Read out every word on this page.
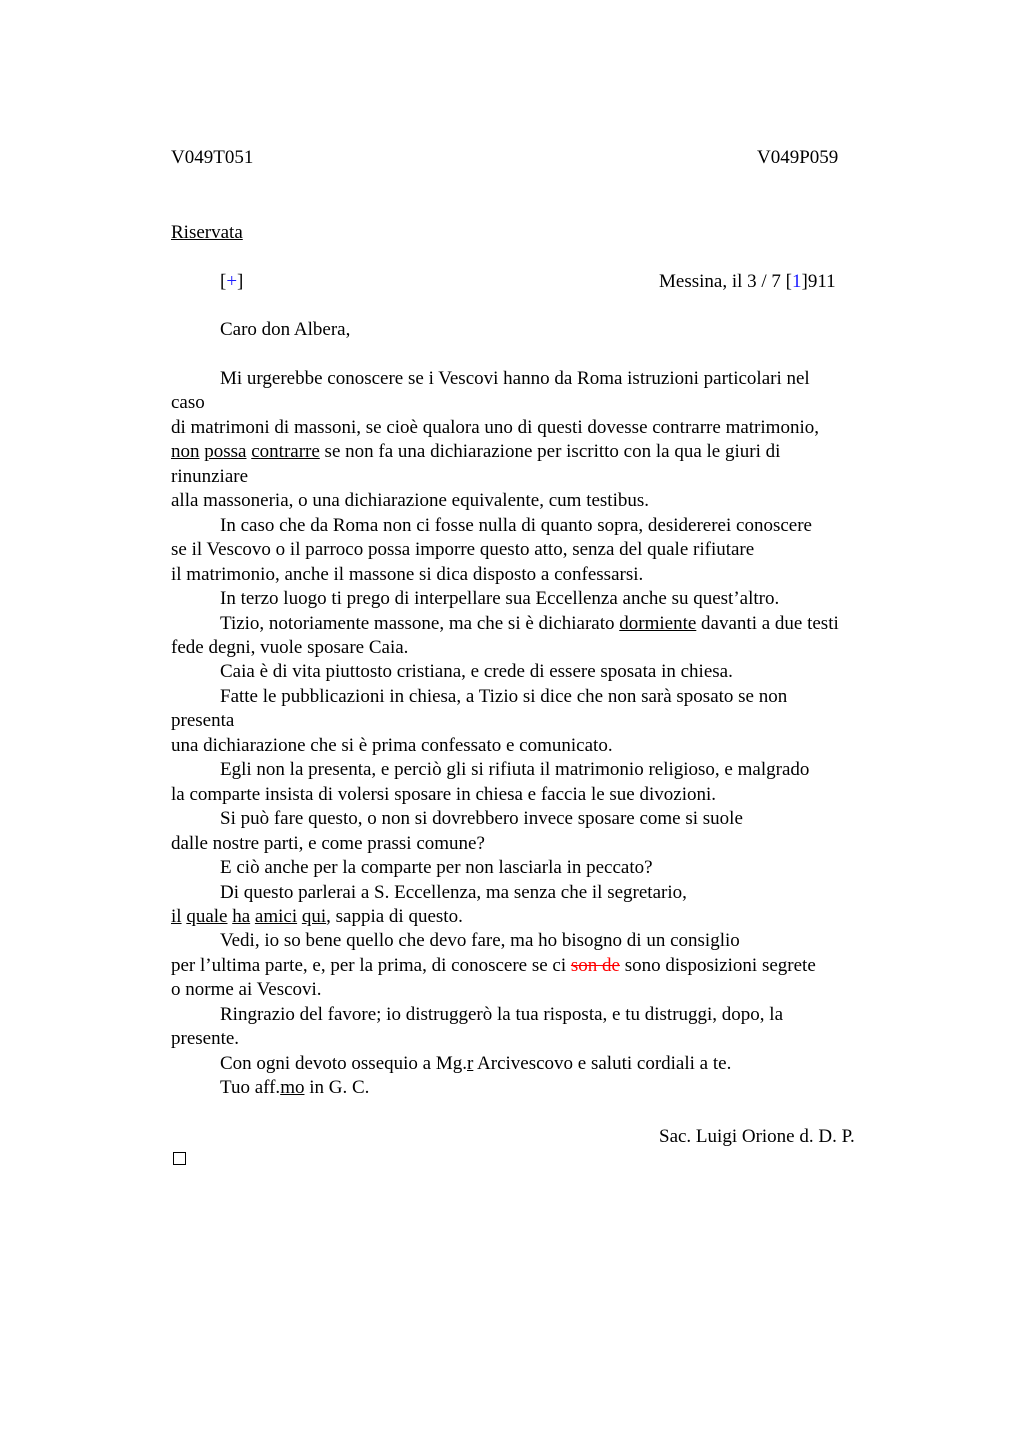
V049T051	V049P059
Riservata
[+]	Messina, il 3 / 7 [1]911
Caro don Albera,
Mi urgerebbe conoscere se i Vescovi hanno da Roma istruzioni particolari nel
caso
di matrimoni di massoni, se cioè qualora uno di questi dovesse contrarre matrimonio,
non possa contrarre se non fa una dichiarazione per iscritto con la qua le giuri di
rinunziare
alla massoneria, o una dichiarazione equivalente, cum testibus.
In caso che da Roma non ci fosse nulla di quanto sopra, desidererei conoscere
se il Vescovo o il parroco possa imporre questo atto, senza del quale rifiutare
il matrimonio, anche il massone si dica disposto a confessarsi.
In terzo luogo ti prego di interpellare sua Eccellenza anche su quest’altro.
Tizio, notoriamente massone, ma che si è dichiarato dormiente davanti a due testi
fede degni, vuole sposare Caia.
Caia è di vita piuttosto cristiana, e crede di essere sposata in chiesa.
Fatte le pubblicazioni in chiesa, a Tizio si dice che non sarà sposato se non
presenta
una dichiarazione che si è prima confessato e comunicato.
Egli non la presenta, e perciò gli si rifiuta il matrimonio religioso, e malgrado
la comparte insista di volersi sposare in chiesa e faccia le sue divozioni.
Si può fare questo, o non si dovrebbero invece sposare come si suole
dalle nostre parti, e come prassi comune?
E ciò anche per la comparte per non lasciarla in peccato?
Di questo parlerai a S. Eccellenza, ma senza che il segretario,
il quale ha amici qui, sappia di questo.
Vedi, io so bene quello che devo fare, ma ho bisogno di un consiglio
per l’ultima parte, e, per la prima, di conoscere se ci son de sono disposizioni segrete
o norme ai Vescovi.
Ringrazio del favore; io distruggerò la tua risposta, e tu distruggi, dopo, la
presente.
Con ogni devoto ossequio a Mg.r Arcivescovo e saluti cordiali a te.
Tuo aff.mo in G. C.
Sac. Luigi Orione d. D. P.
